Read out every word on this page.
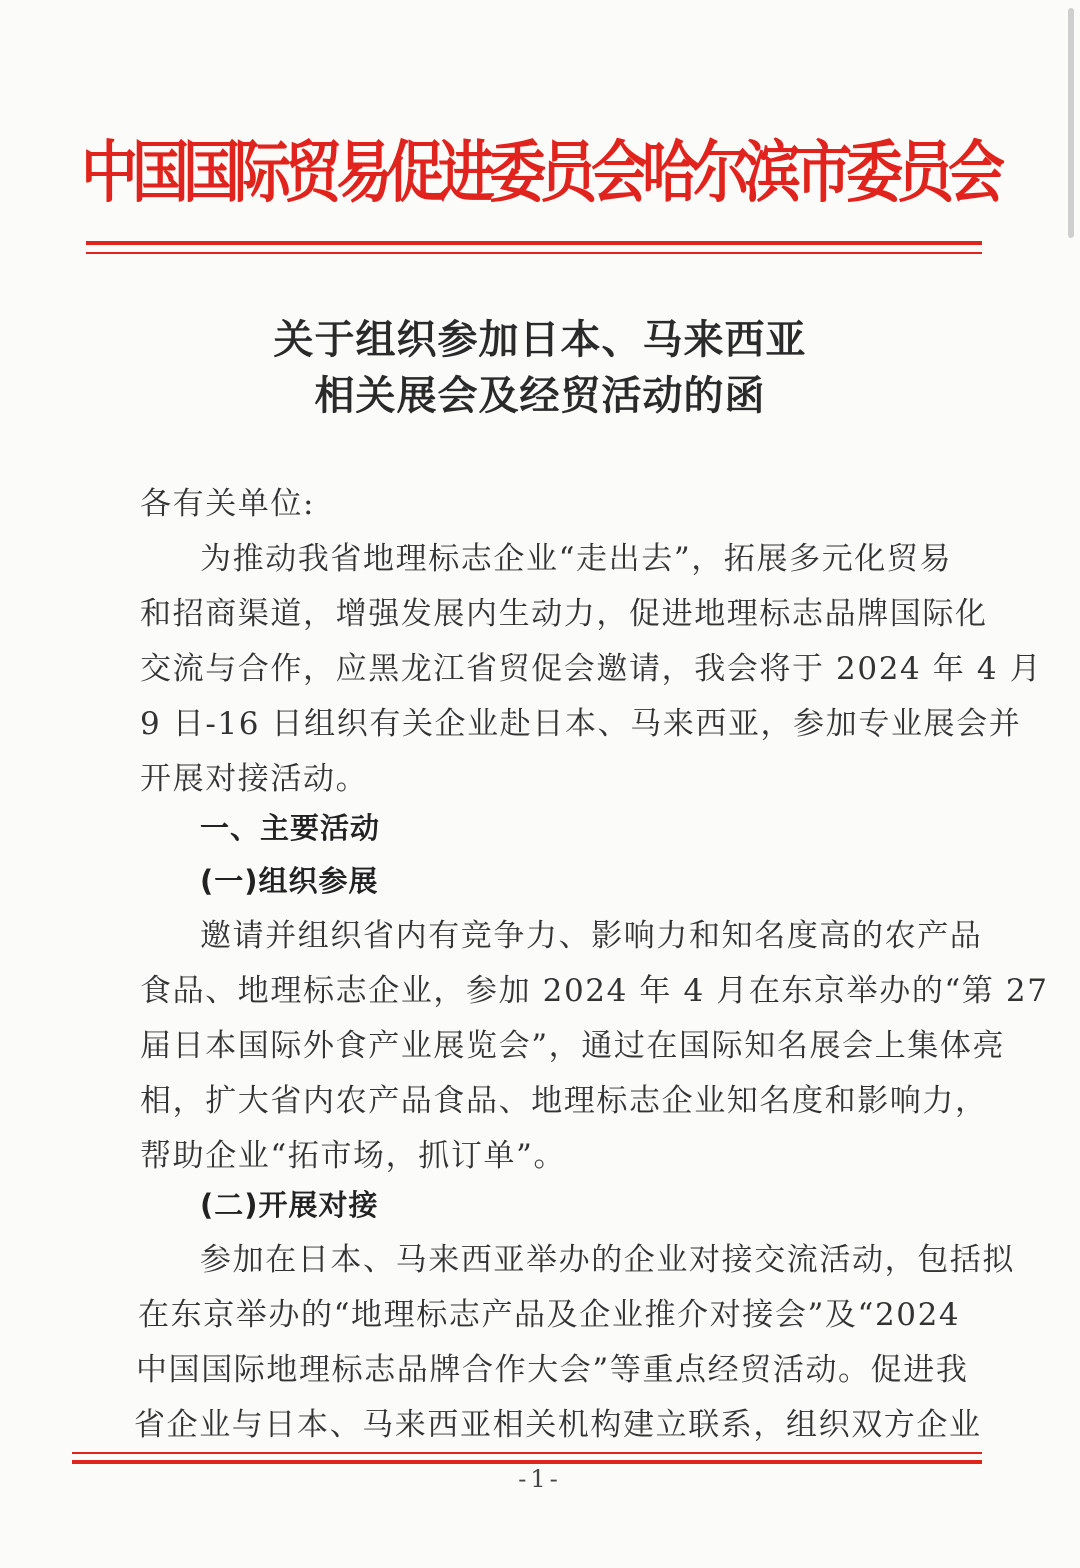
中国国际贸易促进委员会哈尔滨市委员会
关于组织参加日本、马来西亚
相关展会及经贸活动的函
各有关单位:
为推动我省地理标志企业“走出去”，拓展多元化贸易
和招商渠道，增强发展内生动力，促进地理标志品牌国际化
交流与合作，应黑龙江省贸促会邀请，我会将于 2024 年 4 月
9 日-16 日组织有关企业赴日本、马来西亚，参加专业展会并
开展对接活动。
一、主要活动
(一)组织参展
邀请并组织省内有竞争力、影响力和知名度高的农产品
食品、地理标志企业，参加 2024 年 4 月在东京举办的“第 27
届日本国际外食产业展览会”，通过在国际知名展会上集体亮
相，扩大省内农产品食品、地理标志企业知名度和影响力，
帮助企业“拓市场，抓订单”。
(二)开展对接
参加在日本、马来西亚举办的企业对接交流活动，包括拟
在东京举办的“地理标志产品及企业推介对接会”及“2024
中国国际地理标志品牌合作大会”等重点经贸活动。促进我
省企业与日本、马来西亚相关机构建立联系，组织双方企业
-1-
